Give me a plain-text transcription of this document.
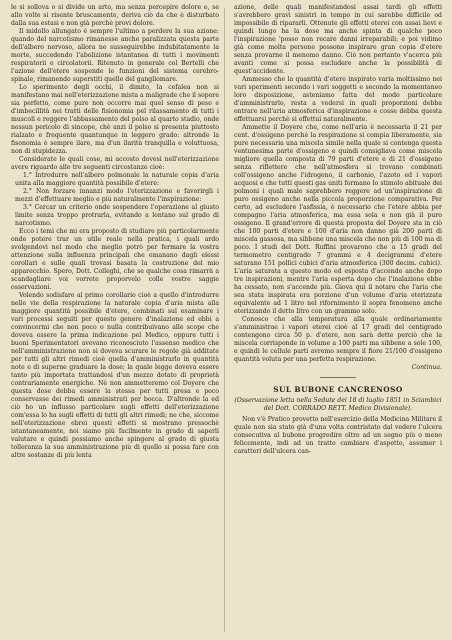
le si sollova o si divide un arto, ma senza percepire dolore e, se allo volte si risente bruscamente, deriva ciò da che è disturbato dalla sua estasi e non già perchè provi dolore.

Il midollo allungato è sempre l'ultimo a perdere la sua azione: quando del narcotismo rimanesse anche paralizzata questa parte dell'albero nervoso, allora ne susseguirebbe indubitatamente la morte, succedendo l'abolizione istantanea di tutti i movimenti respiratorii e circolatorii. Ritenuto in generale col Bertelli che l'azione dell'etere sospende le funzioni del sistema cerebro-spinale, rimanendo superstiti quelle del gangliomare.

Lo sperimento degli occhi, il dimito, la cefalea non si manifestano mai nell'eterizzazione mista a maligrade che il sopore sia perfetto, come pure non occorre mai quel senso di peso e d'imbecillità nei tratti delle fisionomia pel rilassamento di tutti i muscoli e reggere l'abbassamento del polso al quarto stadio, onde nessun pericolo di sincope, chè anzi il polso si presenta piuttosto rialzato e frequente quantunque in leggero grado: altronde la fisonomia è sempre ilare, ma d'un ilarità tranquilla e voluttuosa, non di stupidezza.

Considerate le quali cose, mi accosto dovesi nell'eterizzazione avere riguardo alle tre seguenti circostanze cioè:

1.° Introdurre nell'albero polmonale la naturale copia d'aria unita alla maggiore quantità possibile d'etere:

2.° Non forzare innanzi modo l'eterizzazione e favorirgli i mezzi d'effettuare meglio e più naturalmente l'inspirazione:

3.° Cercar un criterio onde sospendere l'operazione al giusto limite senza troppo protrarla, evitando a lontano sul grado di narcotismo.

Ecco i temi che mi era proposto di studiare più particolarmente onde potere trar un utile reale nella pratica, i quali ardo svolgendovi nel modo che meglio potrò per fermare la vostra attenzione sulla influenza principali che emanano dagli elessi corollari e sulle quali trovasi basata la costruzione del mio apparecchio. Spero, Dott. Colleghi, che se qualche cosa rimarrà a scandagliare voi vorrete proporvelo colle vostre saggie osservazioni.

Volendo sodisfare al primo corollario cioè a quello d'introdurre nelle vie della respirazione la naturale copia d'aria mista alla maggiore quantità possibile d'etere, combinati sul esaminare i vari processi seguiti per questo genere d'inalazione ed ebbi a convincermi che non poco o nulla contribuivano alle scope che doveva essere la prima indicazione pel Medico, oppure tutti i buoni Sperimentatori avevano riconosciuto l'assenso medico che nell'amministrazione non si doveva scurare le regole già additate per tutti gli altri rimedi cioè quella d'amministrarlo in quantità note e di superne graduare la dose; la quale legge doveva essere tanto più importata trattandosi d'un mezzo dotato di proprietà contrariamente energiche. Nè non ammetteremo col Doyere che questa dose debba essere la stessa per tutti presa e poco conservasse dei rimedi amministrati per bocca. D'altronde la ed ciò ho un influsso particolare sugli effetti dell'eterizzazione com'essa lo ha sugli effetti di tutti gli altri rimedi; ne che, siccome nell'eterizzazione ebrei questi effetti si mostrano pressochè istantaneamente, noi siamo più facilmente in grado di saperli valutare e quindi possiamo anche spingere al grado di giusta tolleranza la sua amministrazione più di quello si possa fare con altre sostanze di più lenta

azione, delle quali manifestandosi assai tardi gli effetti s'avrebbero gravi sinistri in tempo in cui sarebbe difficile od impossibile di ripararli. Ottenute gli effetti eterei con assai lievi e quindi lungo ha la dose ma anche spinta di qualche poco l'inspirazione 'posso non recare danni irreparabili; e poi vidimo già come molta persone possono inspirare gran copia d'etere senza provarne il menomo danno. Ciò non pertanto v'acerca più avanti come si possa escludere anche la possibilità di quest'accidente.

Ammesso che la quantità d'etere inspirato varia moltissimo nei vari sperimenti secondo i vari soggetti e secondo la momentaneo loro disposizione, asteniamo fatta del modo particolare d'amministrarlo, resta a vedersi in quali proporzioni debba entrare nell'aria atmosferica d'inspirazione e cosse debba questa effettuarsi perchè si effettui naturalmente.

Ammette il Doyere che, come nell'aria è necessaria il 21 per cent. d'ossigeno perchè la respirazione si compia liberamente, sia pure necessaria una miscela simile nella quale si contenga questa ventunesima parte d'ossigeno e quindi consigliava come miscela migliore quella composta di 79 parti d'etere e di 21 d'ossigeno senza riflettere che nell'atmosfera si trovano combinati coll'ossigeno anche l'idrogeno, il carbonio, l'azoto ed i vapori acquosi e che tutti questi gas uniti formano lo stimolo abituale dei polmoni i quali male saprebbero reggere ad un'inspirazione di puro ossigeno anche nella piccola proporzione comparativa. Per certo, ad escludere l'asfissia, è necessario che l'etere abbia per compagno l'aria atmosferica, ma essa sola e non già il puro ossigeno. Il grand'errore di questa proposta del Doyere sta in ciò che 100 parti d'etere e 100 d'aria non danno già 200 parti di miscela gassosa, ma sibbene una miscela che non più di 100 ma di poco. I studi del Dott. Ruffini provarono che a 15 gradi del termometro centigrado 7 grammi e 4 decigrammi d'etere saturano 151 pollici cubici d'aria atmosferica (300 decim. cubici). L'aria saturata a questo modo ed esposta d'accende anche dopo tre inspirazioni, mentre l'aria esperta dopo che l'inalazione ebbe ha cessato, non s'accende più. Giova qui il notare che l'aria che sea stata inspirata era porzione d'un volume d'aria eterizzata equivalente ad 1 litro nel rifornimento il sopra fenomeno anche eterizzando il detto litro con un grammo solo.

Conosco che alla temperatura alla quale ordinariamente s'amministrae i vapori eterei cioè al 17 gradi del centigrado contengono circa 50 p. d'etere, non sarà dette perciò che la miscela corrisponde in volume a 100 parti ma sibbene a sole 100, e quindi le cellule parti avremo sempre il fiore 21/100 d'ossigeno quantità voluta per una perfetta respirazione.

Continua.

SUL BUBONE CANCRENOSO

(Osservazione letta nella Sedute dei 18 di luglio 1851 in Sciambici del Dott. CORRADO RETT. Medico Divisionale).

Non v'è Pratico provetto nell'esercizio della Medicina Militare il quale non sia stato già d'una volta contristato dal vedere l'ulcera consecutiva al bubone progredire oltre ad un segno più o meno felicemente, indi ad un tratto cambiare d'aspetto, assumer i caratteri dell'ulcera can-
